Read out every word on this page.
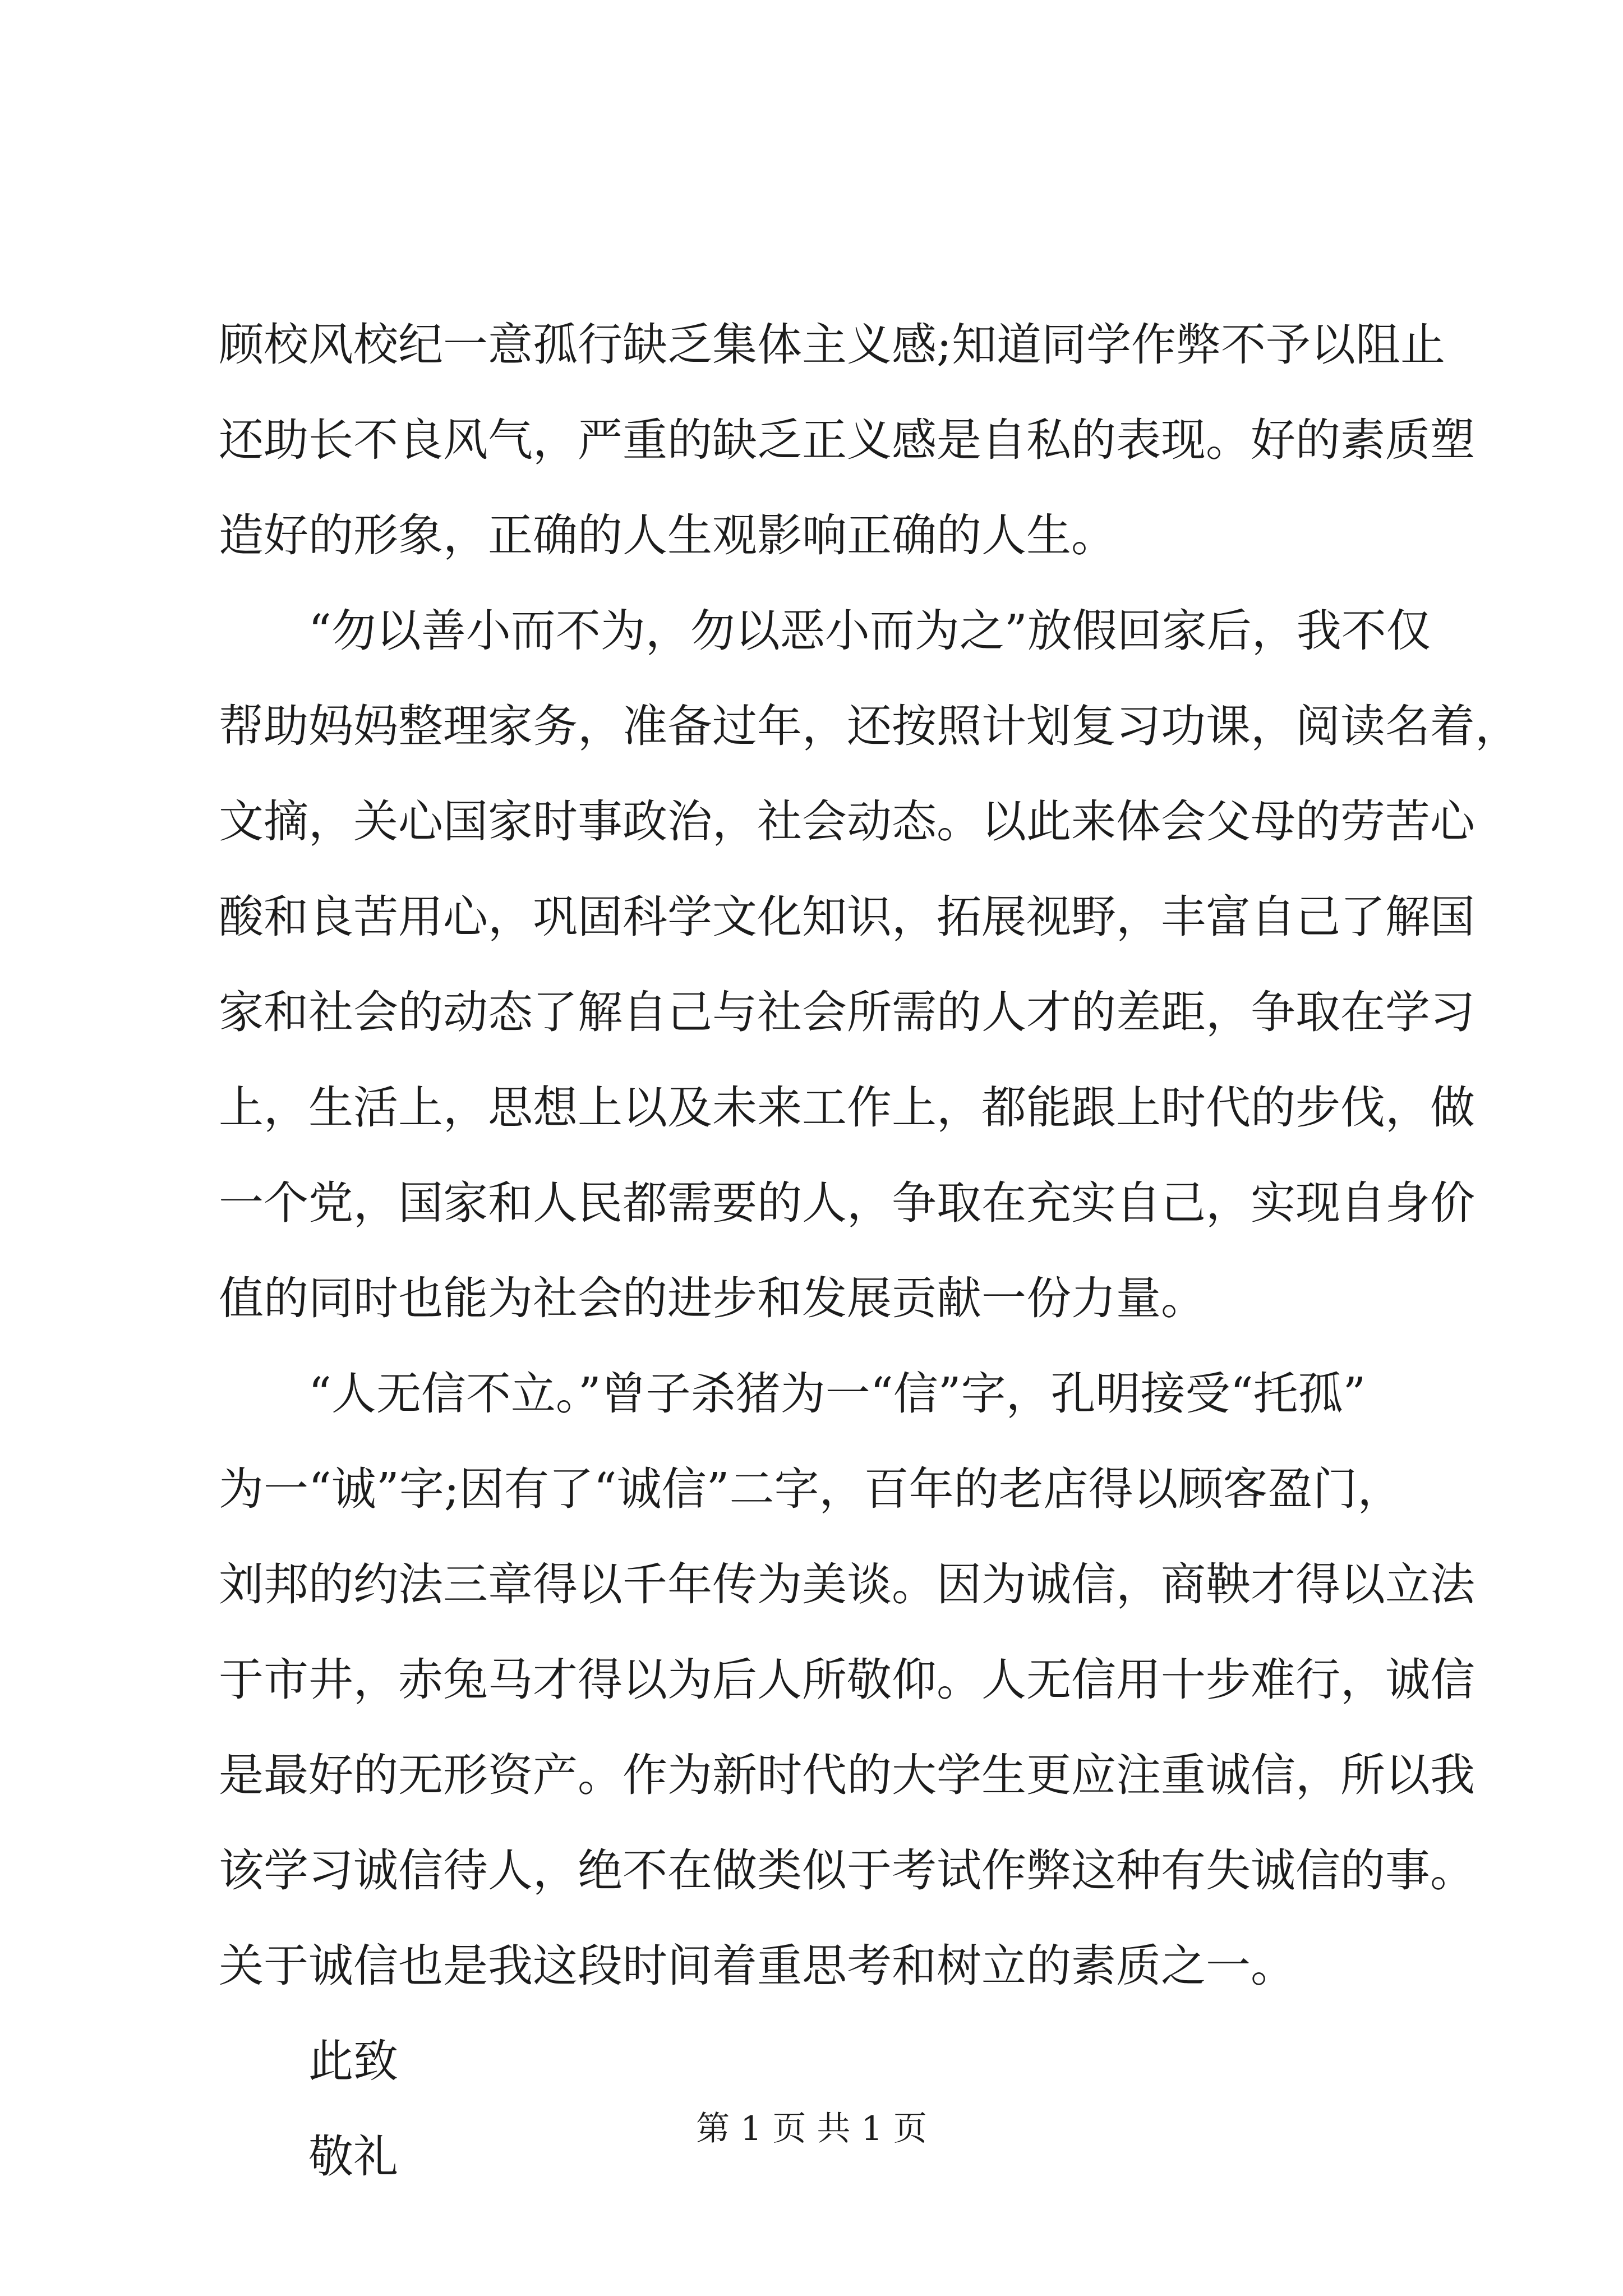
顾校风校纪一意孤行缺乏集体主义感;知道同学作弊不予以阻止
还助长不良风气，严重的缺乏正义感是自私的表现。好的素质塑
造好的形象，正确的人生观影响正确的人生。
“勿以善小而不为，勿以恶小而为之”放假回家后，我不仅
帮助妈妈整理家务，准备过年，还按照计划复习功课，阅读名着，
文摘，关心国家时事政治，社会动态。以此来体会父母的劳苦心
酸和良苦用心，巩固科学文化知识，拓展视野，丰富自己了解国
家和社会的动态了解自己与社会所需的人才的差距，争取在学习
上，生活上，思想上以及未来工作上，都能跟上时代的步伐，做
一个党，国家和人民都需要的人，争取在充实自己，实现自身价
值的同时也能为社会的进步和发展贡献一份力量。
“人无信不立。”曾子杀猪为一“信”字，孔明接受“托孤”
为一“诚”字;因有了“诚信”二字，百年的老店得以顾客盈门，
刘邦的约法三章得以千年传为美谈。因为诚信，商鞅才得以立法
于市井，赤兔马才得以为后人所敬仰。人无信用十步难行，诚信
是最好的无形资产。作为新时代的大学生更应注重诚信，所以我
该学习诚信待人，绝不在做类似于考试作弊这种有失诚信的事。
关于诚信也是我这段时间着重思考和树立的素质之一。
此致
敬礼
第 1 页 共 1 页
